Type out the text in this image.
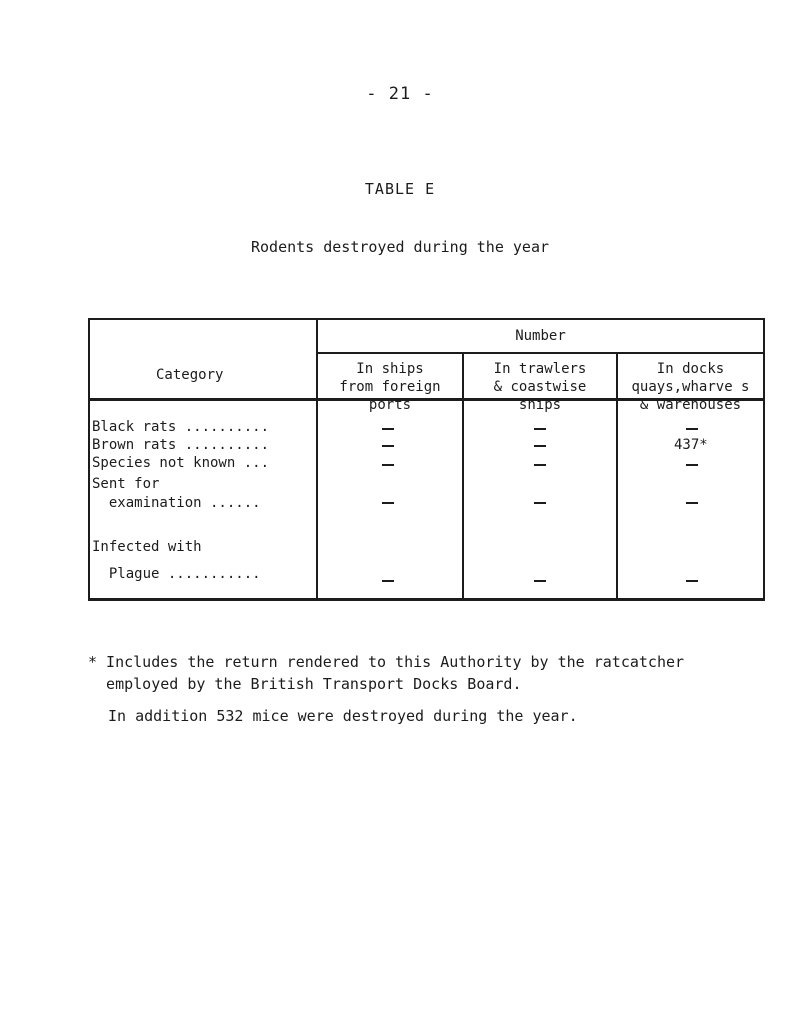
- 21 -
TABLE E
Rodents destroyed during the year
Number
Category	In ships
from foreign
ports
In trawlers
& coastwise
ships
In docks
quays,wharve s
& warehouses
Black rats ..........
Brown rats ..........
Species not known ...
Sent for
examination ......
Infected with
Plague ...........
437*
* Includes the return rendered to this Authority by the ratcatcher
employed by the British Transport Docks Board.
In addition 532 mice were destroyed during the year.
